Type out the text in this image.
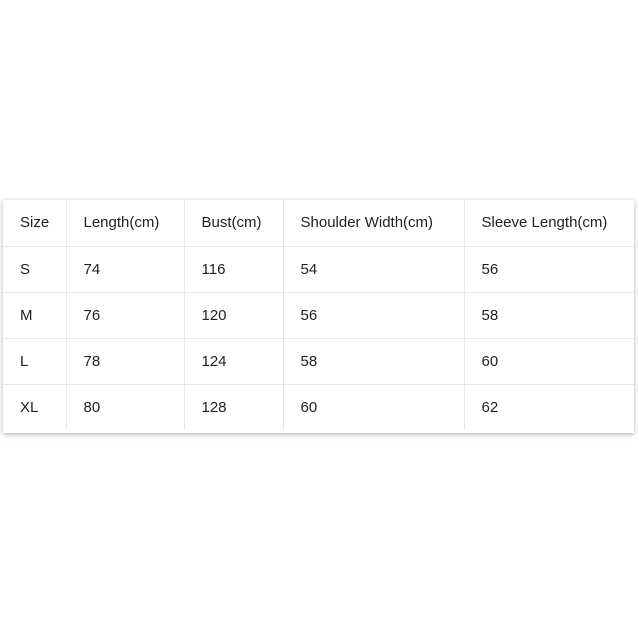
Size	Length(cm)	Bust(cm)	Shoulder Width(cm)	Sleeve Length(cm)
S	74	116	54	56
M	76	120	56	58
L	78	124	58	60
XL	80	128	60	62
